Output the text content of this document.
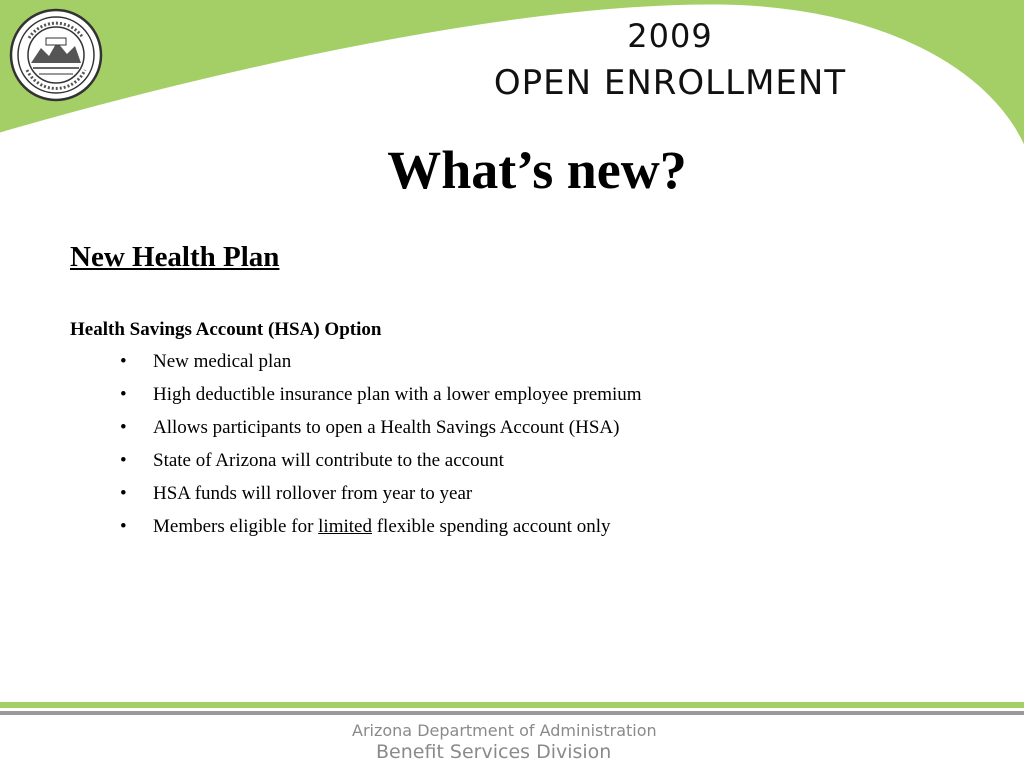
2009
OPEN ENROLLMENT
What’s new?
New Health Plan
Health Savings Account (HSA) Option
• New medical plan
• High deductible insurance plan with a lower employee premium
• Allows participants to open a Health Savings Account (HSA)
• State of Arizona will contribute to the account
• HSA funds will rollover from year to year
• Members eligible for limited flexible spending account only
Arizona Department of Administration
Benefit Services Division
